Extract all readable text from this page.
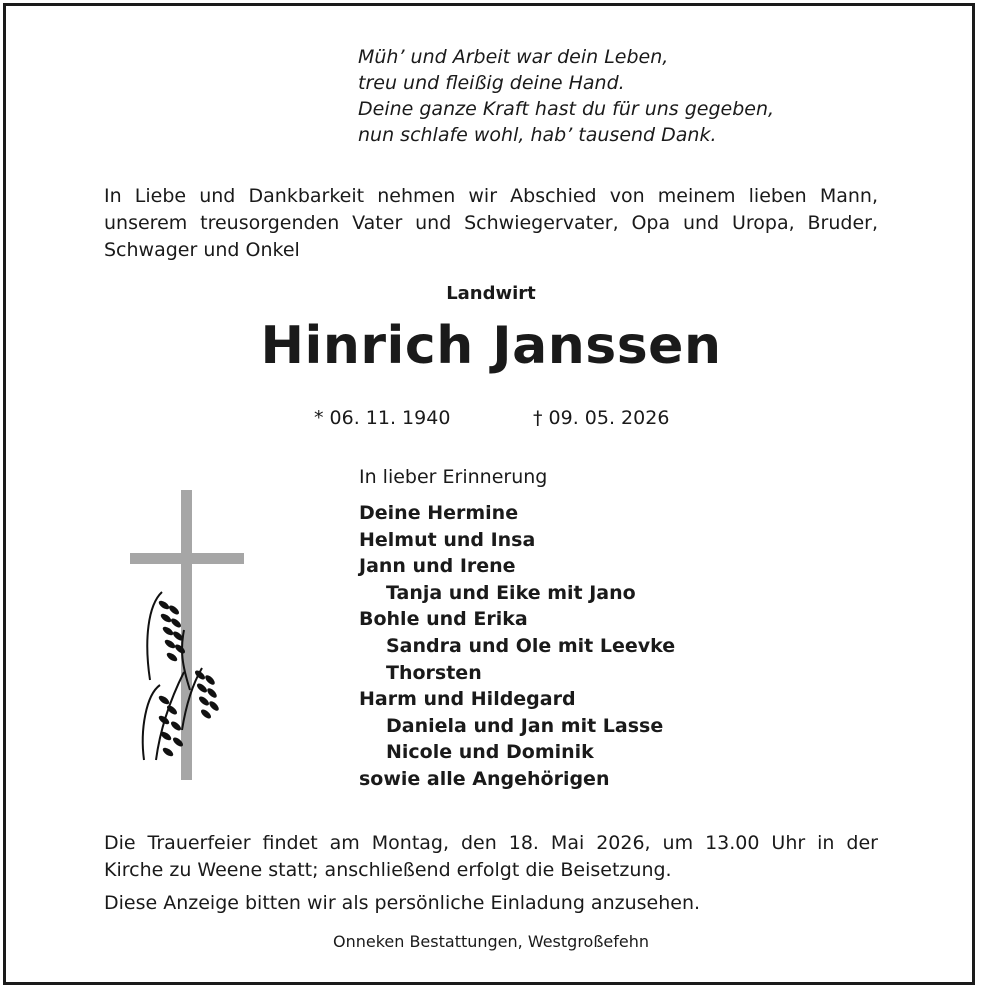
Müh’ und Arbeit war dein Leben,
treu und fleißig deine Hand.
Deine ganze Kraft hast du für uns gegeben,
nun schlafe wohl, hab’ tausend Dank.
In Liebe und Dankbarkeit nehmen wir Abschied von meinem lieben Mann,
unserem treusorgenden Vater und Schwiegervater, Opa und Uropa, Bruder,
Schwager und Onkel
Landwirt
Hinrich Janssen
* 06. 11. 1940	† 09. 05. 2026
In lieber Erinnerung
Deine Hermine
Helmut und Insa
Jann und Irene
Tanja und Eike mit Jano
Bohle und Erika
Sandra und Ole mit Leevke
Thorsten
Harm und Hildegard
Daniela und Jan mit Lasse
Nicole und Dominik
sowie alle Angehörigen
Die Trauerfeier findet am Montag, den 18. Mai 2026, um 13.00 Uhr in der
Kirche zu Weene statt; anschließend erfolgt die Beisetzung.
Diese Anzeige bitten wir als persönliche Einladung anzusehen.
Onneken Bestattungen, Westgroßefehn
